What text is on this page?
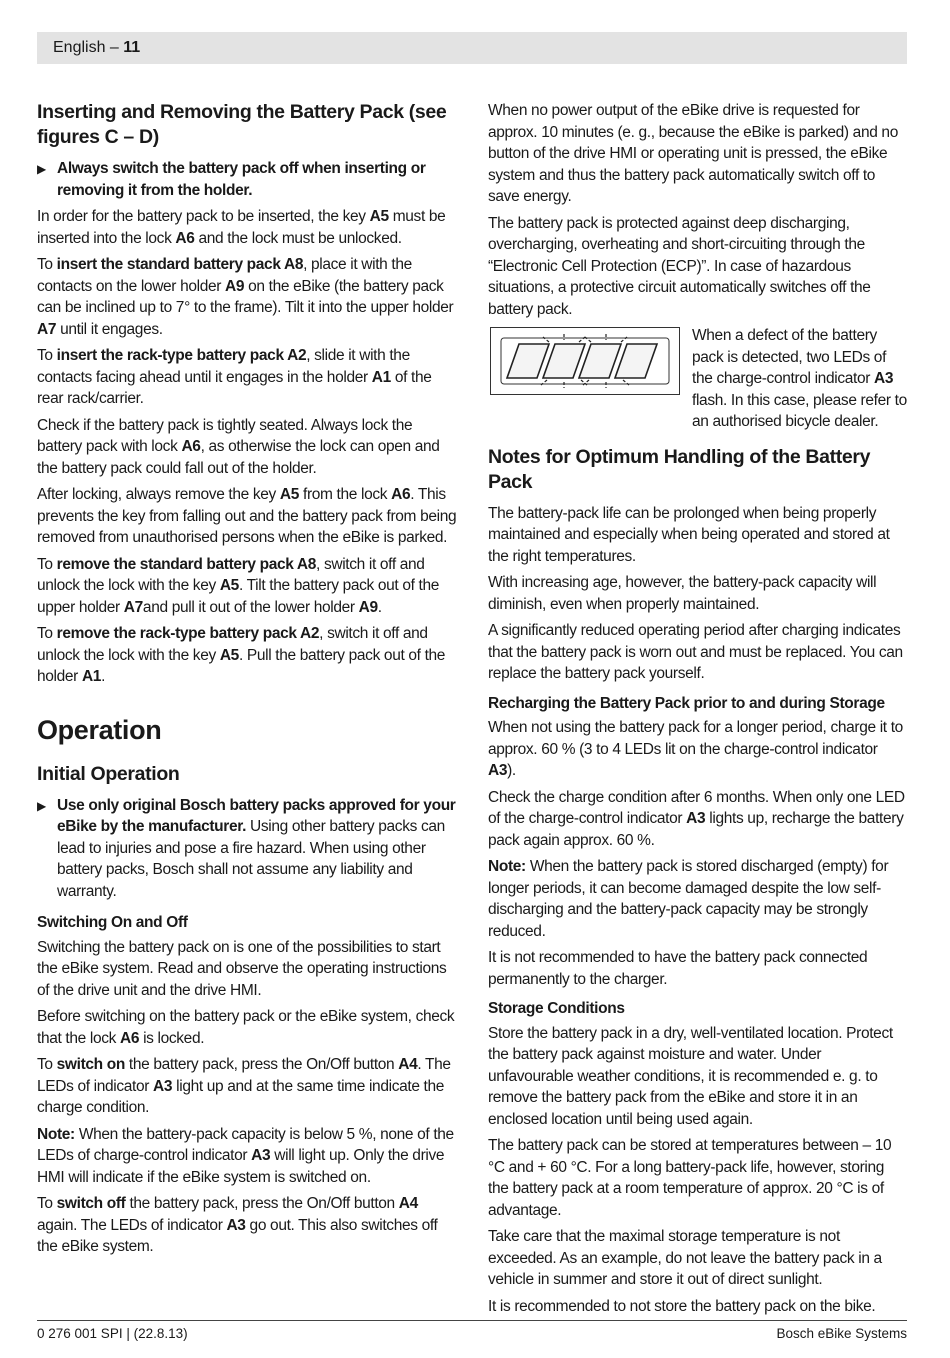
English – 11
Inserting and Removing the Battery Pack (see figures C – D)
▶ Always switch the battery pack off when inserting or removing it from the holder.

In order for the battery pack to be inserted, the key A5 must be inserted into the lock A6 and the lock must be unlocked.

To insert the standard battery pack A8, place it with the contacts on the lower holder A9 on the eBike (the battery pack can be inclined up to 7° to the frame). Tilt it into the upper holder A7 until it engages.

To insert the rack-type battery pack A2, slide it with the contacts facing ahead until it engages in the holder A1 of the rear rack/carrier.

Check if the battery pack is tightly seated. Always lock the battery pack with lock A6, as otherwise the lock can open and the battery pack could fall out of the holder.

After locking, always remove the key A5 from the lock A6. This prevents the key from falling out and the battery pack from being removed from unauthorised persons when the eBike is parked.

To remove the standard battery pack A8, switch it off and unlock the lock with the key A5. Tilt the battery pack out of the upper holder A7and pull it out of the lower holder A9.

To remove the rack-type battery pack A2, switch it off and unlock the lock with the key A5. Pull the battery pack out of the holder A1.

Operation
Initial Operation
▶ Use only original Bosch battery packs approved for your eBike by the manufacturer. Using other battery packs can lead to injuries and pose a fire hazard. When using other battery packs, Bosch shall not assume any liability and warranty.
Switching On and Off

Switching the battery pack on is one of the possibilities to start the eBike system. Read and observe the operating instructions of the drive unit and the drive HMI.

Before switching on the battery pack or the eBike system, check that the lock A6 is locked.

To switch on the battery pack, press the On/Off button A4. The LEDs of indicator A3 light up and at the same time indicate the charge condition.

Note: When the battery-pack capacity is below 5 %, none of the LEDs of charge-control indicator A3 will light up. Only the drive HMI will indicate if the eBike system is switched on.

To switch off the battery pack, press the On/Off button A4 again. The LEDs of indicator A3 go out. This also switches off the eBike system.

When no power output of the eBike drive is requested for approx. 10 minutes (e. g., because the eBike is parked) and no button of the drive HMI or operating unit is pressed, the eBike system and thus the battery pack automatically switch off to save energy.

The battery pack is protected against deep discharging, overcharging, overheating and short-circuiting through the “Electronic Cell Protection (ECP)”. In case of hazardous situations, a protective circuit automatically switches off the battery pack.

When a defect of the battery pack is detected, two LEDs of the charge-control indicator A3 flash. In this case, please refer to an authorised bicycle dealer.

Notes for Optimum Handling of the Battery Pack

The battery-pack life can be prolonged when being properly maintained and especially when being operated and stored at the right temperatures.

With increasing age, however, the battery-pack capacity will diminish, even when properly maintained.

A significantly reduced operating period after charging indicates that the battery pack is worn out and must be replaced. You can replace the battery pack yourself.

Recharging the Battery Pack prior to and during Storage

When not using the battery pack for a longer period, charge it to approx. 60 % (3 to 4 LEDs lit on the charge-control indicator A3).

Check the charge condition after 6 months. When only one LED of the charge-control indicator A3 lights up, recharge the battery pack again approx. 60 %.

Note: When the battery pack is stored discharged (empty) for longer periods, it can become damaged despite the low self-discharging and the battery-pack capacity may be strongly reduced.

It is not recommended to have the battery pack connected permanently to the charger.

Storage Conditions

Store the battery pack in a dry, well-ventilated location. Protect the battery pack against moisture and water. Under unfavourable weather conditions, it is recommended e. g. to remove the battery pack from the eBike and store it in an enclosed location until being used again.

The battery pack can be stored at temperatures between – 10 °C and + 60 °C. For a long battery-pack life, however, storing the battery pack at a room temperature of approx. 20 °C is of advantage.

Take care that the maximal storage temperature is not exceeded. As an example, do not leave the battery pack in a vehicle in summer and store it out of direct sunlight.

It is recommended to not store the battery pack on the bike.

0 276 001 SPI | (22.8.13)	Bosch eBike Systems
